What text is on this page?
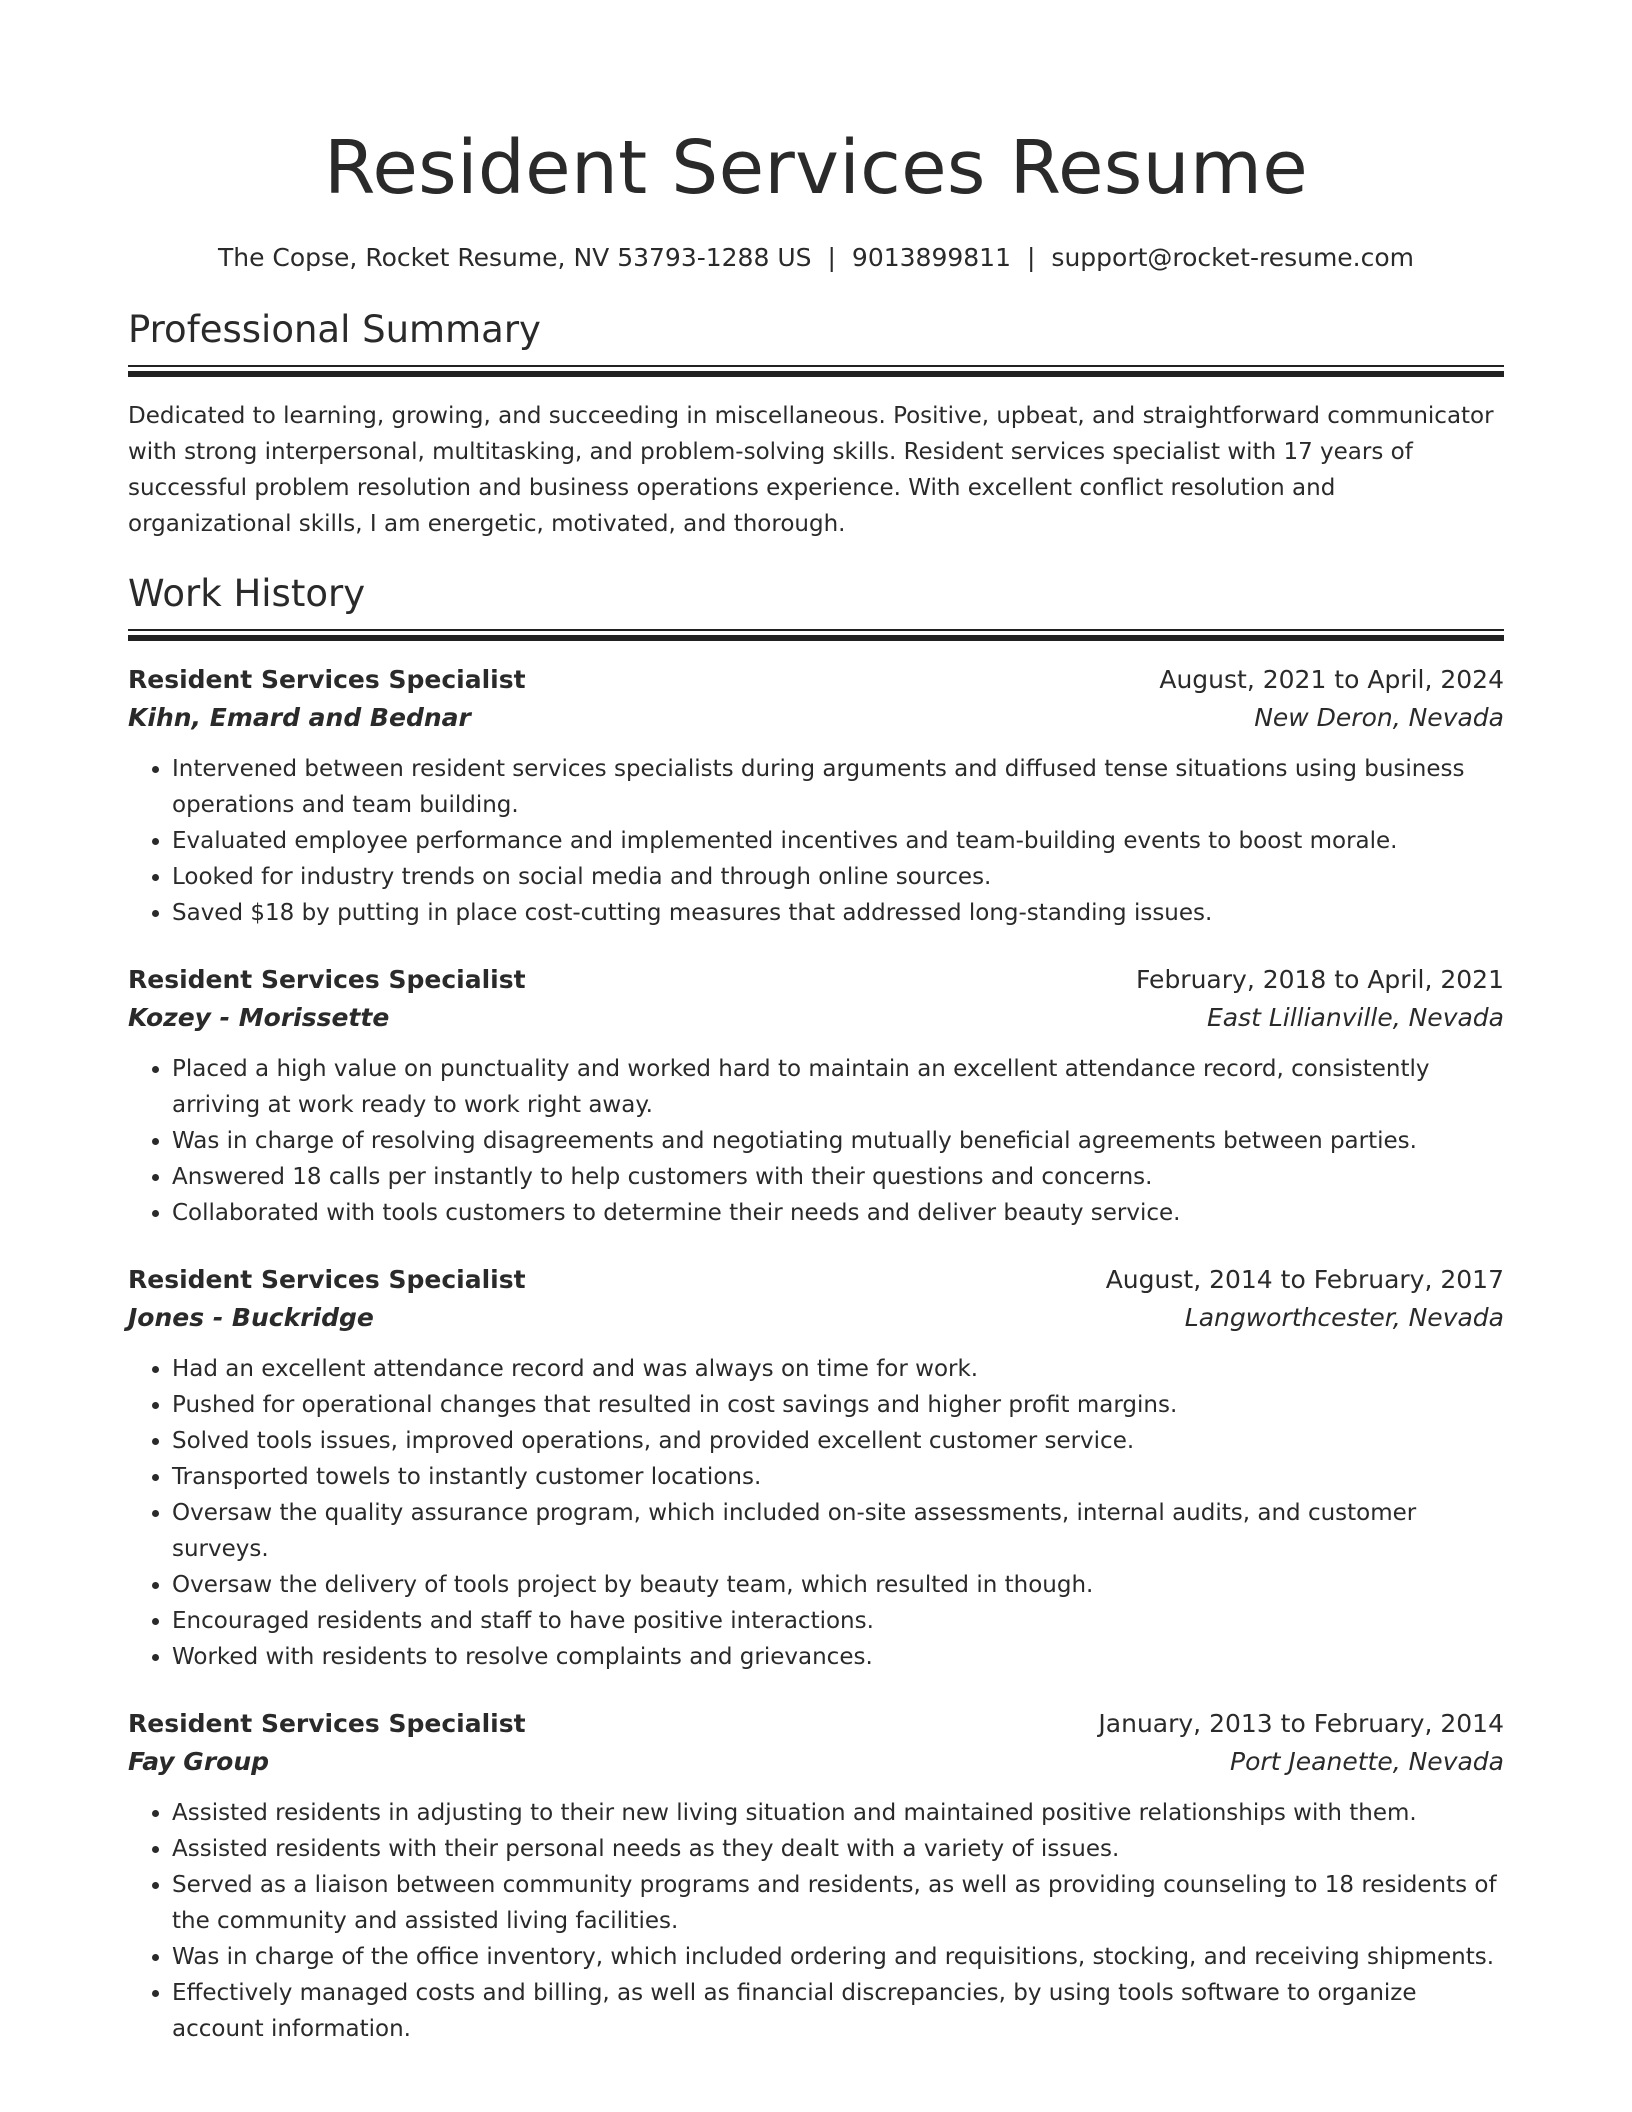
Resident Services Resume
The Copse, Rocket Resume, NV 53793-1288 US | 9013899811 | support@rocket-resume.com
Professional Summary

Dedicated to learning, growing, and succeeding in miscellaneous. Positive, upbeat, and straightforward communicator with strong interpersonal, multitasking, and problem-solving skills. Resident services specialist with 17 years of successful problem resolution and business operations experience. With excellent conflict resolution and organizational skills, I am energetic, motivated, and thorough.

Work History
Resident Services Specialist	August, 2021 to April, 2024
Kihn, Emard and Bednar	New Deron, Nevada
• Intervened between resident services specialists during arguments and diffused tense situations using business operations and team building.
• Evaluated employee performance and implemented incentives and team-building events to boost morale.
• Looked for industry trends on social media and through online sources.
• Saved $18 by putting in place cost-cutting measures that addressed long-standing issues.
Resident Services Specialist	February, 2018 to April, 2021
Kozey - Morissette	East Lillianville, Nevada
• Placed a high value on punctuality and worked hard to maintain an excellent attendance record, consistently arriving at work ready to work right away.
• Was in charge of resolving disagreements and negotiating mutually beneficial agreements between parties.
• Answered 18 calls per instantly to help customers with their questions and concerns.
• Collaborated with tools customers to determine their needs and deliver beauty service.
Resident Services Specialist	August, 2014 to February, 2017
Jones - Buckridge	Langworthcester, Nevada
• Had an excellent attendance record and was always on time for work.
• Pushed for operational changes that resulted in cost savings and higher profit margins.
• Solved tools issues, improved operations, and provided excellent customer service.
• Transported towels to instantly customer locations.
• Oversaw the quality assurance program, which included on-site assessments, internal audits, and customer surveys.
• Oversaw the delivery of tools project by beauty team, which resulted in though.
• Encouraged residents and staff to have positive interactions.
• Worked with residents to resolve complaints and grievances.
Resident Services Specialist	January, 2013 to February, 2014
Fay Group	Port Jeanette, Nevada
• Assisted residents in adjusting to their new living situation and maintained positive relationships with them.
• Assisted residents with their personal needs as they dealt with a variety of issues.
• Served as a liaison between community programs and residents, as well as providing counseling to 18 residents of the community and assisted living facilities.
• Was in charge of the office inventory, which included ordering and requisitions, stocking, and receiving shipments.
• Effectively managed costs and billing, as well as financial discrepancies, by using tools software to organize account information.
